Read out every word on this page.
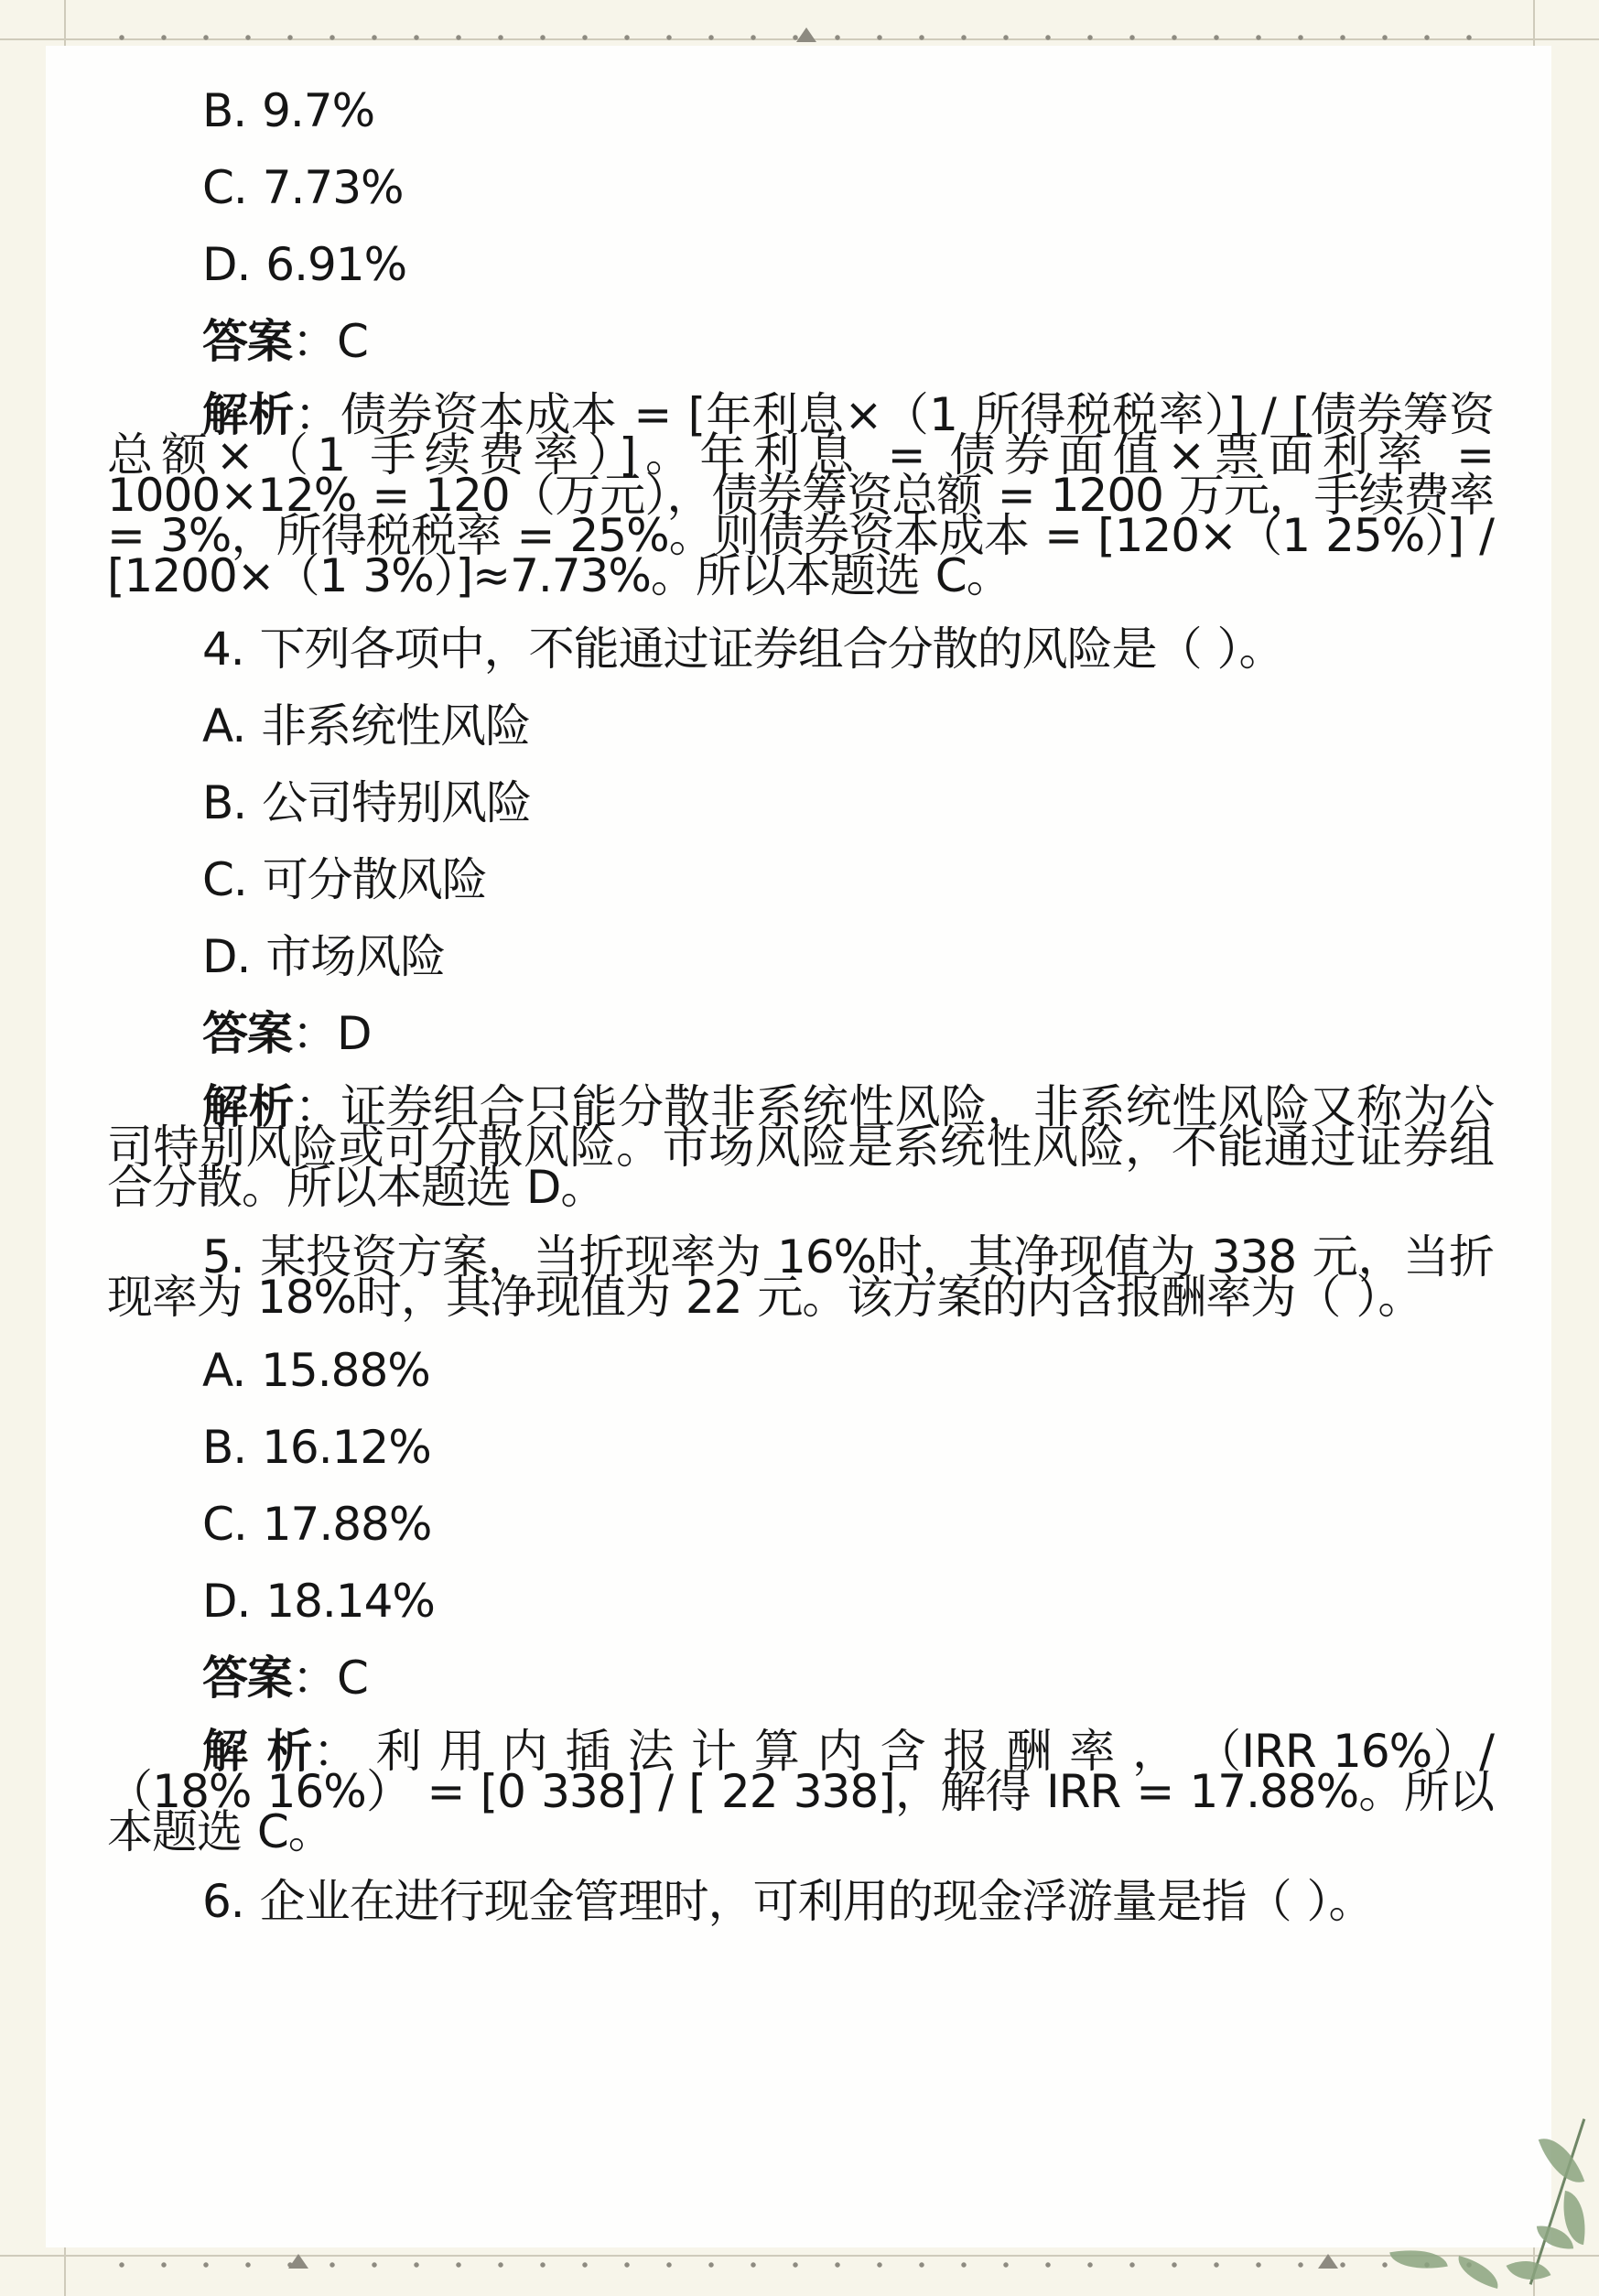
B. 9.7%

C. 7.73%

D. 6.91%

答案：C

解析：债券资本成本 = [年利息×（1 所得税税率）] / [债券筹资总额×（1 手续费率）]。年利息 = 债券面值×票面利率 = 1000×12% = 120（万元），债券筹资总额 = 1200 万元，手续费率 = 3%，所得税税率 = 25%。则债券资本成本 = [120×（1 25%）] / [1200×（1 3%）]≈7.73%。所以本题选 C。

4. 下列各项中，不能通过证券组合分散的风险是（ ）。

A. 非系统性风险

B. 公司特别风险

C. 可分散风险

D. 市场风险

答案：D

解析：证券组合只能分散非系统性风险，非系统性风险又称为公司特别风险或可分散风险。市场风险是系统性风险，不能通过证券组合分散。所以本题选 D。

5. 某投资方案，当折现率为 16%时，其净现值为 338 元，当折现率为 18%时，其净现值为 22 元。该方案的内含报酬率为（ ）。

A. 15.88%

B. 16.12%

C. 17.88%

D. 18.14%

答案：C

解 析： 利 用 内 插 法 计 算 内 含 报 酬 率 ， （IRR 16%）/（18% 16%） = [0 338] / [ 22 338]，解得 IRR = 17.88%。所以本题选 C。

6. 企业在进行现金管理时，可利用的现金浮游量是指（ ）。
